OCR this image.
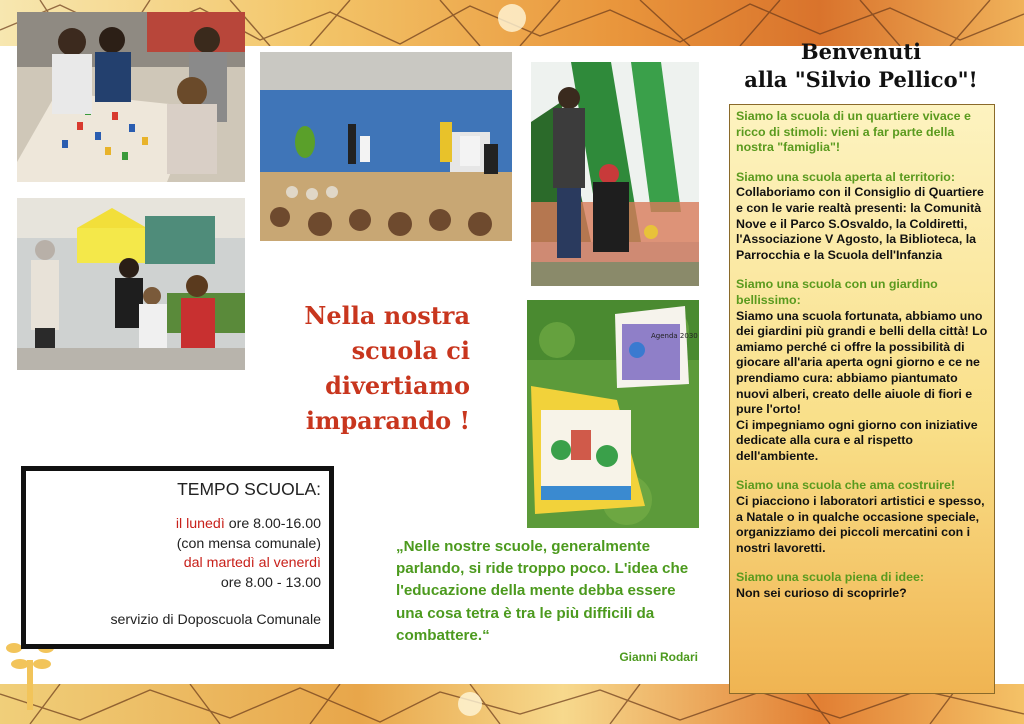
Agenda 2030
Benvenuti
alla "Silvio Pellico"!
Siamo la scuola di un quartiere vivace e ricco di stimoli: vieni a far parte della nostra "famiglia"!
Siamo una scuola aperta al territorio:
Collaboriamo con il Consiglio di Quartiere e con le varie realtà presenti: la Comunità Nove e il Parco S.Osvaldo, la Coldiretti, l'Associazione V Agosto, la Biblioteca, la Parrocchia e la Scuola dell'Infanzia
Siamo una scuola con un giardino bellissimo:
Siamo una scuola fortunata, abbiamo uno dei giardini più grandi e belli della città! Lo amiamo perché ci offre la possibilità di giocare all'aria aperta ogni giorno e ce ne prendiamo cura: abbiamo piantumato nuovi alberi, creato delle aiuole di fiori e pure l'orto!
Ci impegniamo ogni giorno con iniziative dedicate alla cura e al rispetto dell'ambiente.
Siamo una scuola che ama costruire!
Ci piacciono i laboratori artistici e spesso, a Natale o in qualche occasione speciale, organizziamo dei piccoli mercatini con i nostri lavoretti.
Siamo una scuola piena di idee:
Non sei curioso di scoprirle?
Nella nostra
scuola ci
divertiamo
imparando !
TEMPO SCUOLA:
il lunedì ore 8.00-16.00
(con mensa comunale)
dal martedì al venerdì
ore 8.00 - 13.00
servizio di Doposcuola Comunale
„Nelle nostre scuole, generalmente parlando, si ride troppo poco. L'idea che l'educazione della mente debba essere una cosa tetra è tra le più difficili da combattere.“
Gianni Rodari
